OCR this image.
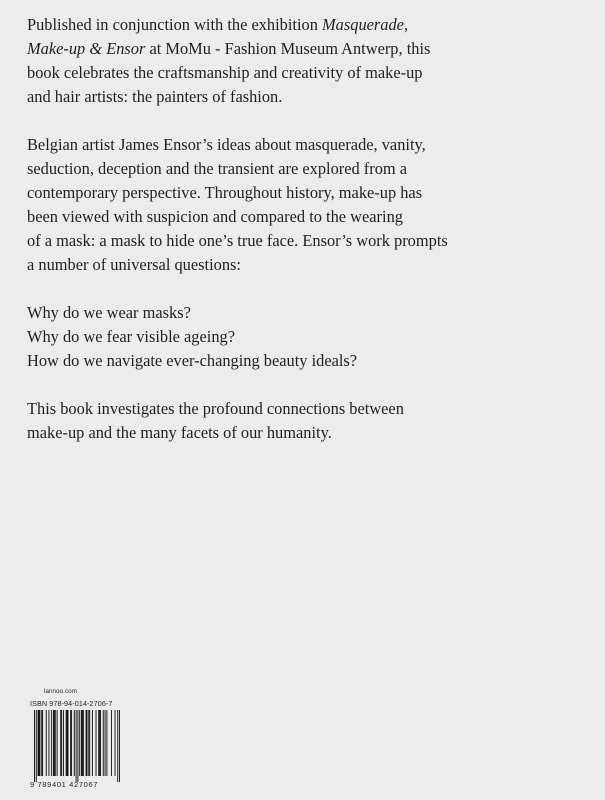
Published in conjunction with the exhibition Masquerade,
Make-up & Ensor at MoMu - Fashion Museum Antwerp, this
book celebrates the craftsmanship and creativity of make-up
and hair artists: the painters of fashion.

Belgian artist James Ensor’s ideas about masquerade, vanity,
seduction, deception and the transient are explored from a
contemporary perspective. Throughout history, make-up has
been viewed with suspicion and compared to the wearing
of a mask: a mask to hide one’s true face. Ensor’s work prompts
a number of universal questions:

Why do we wear masks?
Why do we fear visible ageing?
How do we navigate ever-changing beauty ideals?

This book investigates the profound connections between
make-up and the many facets of our humanity.

lannoo.com
ISBN 978-94-014-2706-7
9 789401 427067
